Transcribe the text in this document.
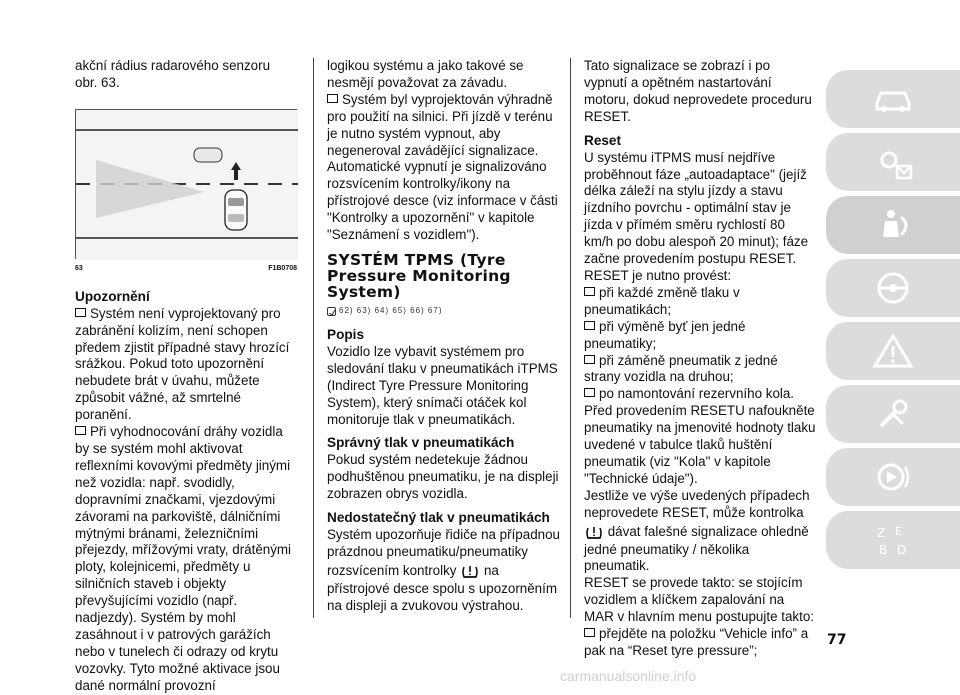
akční rádius radarového senzoru

obr. 63.

63	F1B0708
Upozornění

Systém není vyprojektovaný pro zabránění kolizím, není schopen předem zjistit případné stavy hrozící srážkou. Pokud toto upozornění nebudete brát v úvahu, můžete způsobit vážné, až smrtelné poranění.

Při vyhodnocování dráhy vozidla by se systém mohl aktivovat reflexními kovovými předměty jinými než vozidla: např. svodidly, dopravními značkami, vjezdovými závorami na parkoviště, dálničními mýtnými bránami, železničními přejezdy, mřížovými vraty, drátěnými ploty, kolejnicemi, předměty u silničních staveb i objekty převyšujícími vozidlo (např. nadjezdy). Systém by mohl zasáhnout i v patrových garážích nebo v tunelech či odrazy od krytu vozovky. Tyto možné aktivace jsou dané normální provozní

logikou systému a jako takové se nesmějí považovat za závadu.

Systém byl vyprojektován výhradně pro použití na silnici. Při jízdě v terénu je nutno systém vypnout, aby negeneroval zavádějící signalizace. Automatické vypnutí je signalizováno rozsvícením kontrolky/ikony na přístrojové desce (viz informace v části "Kontrolky a upozornění" v kapitole "Seznámení s vozidlem").

SYSTÉM TPMS (Tyre Pressure Monitoring System)
62) 63) 64) 65) 66) 67)
Popis

Vozidlo lze vybavit systémem pro sledování tlaku v pneumatikách iTPMS (Indirect Tyre Pressure Monitoring System), který snímači otáček kol monitoruje tlak v pneumatikách.

Správný tlak v pneumatikách

Pokud systém nedetekuje žádnou podhuštěnou pneumatiku, je na displeji zobrazen obrys vozidla.

Nedostatečný tlak v pneumatikách

Systém upozorňuje řidiče na případnou prázdnou pneumatiku/pneumatiky rozsvícením kontrolky na přístrojové desce spolu s upozorněním na displeji a zvukovou výstrahou.

Tato signalizace se zobrazí i po vypnutí a opětném nastartování motoru, dokud neprovedete proceduru RESET.

Reset

U systému iTPMS musí nejdříve proběhnout fáze „autoadaptace" (jejíž délka záleží na stylu jízdy a stavu jízdního povrchu - optimální stav je jízda v přímém směru rychlostí 80 km/h po dobu alespoň 20 minut); fáze začne provedením postupu RESET.

RESET je nutno provést:

při každé změně tlaku v pneumatikách;

při výměně byť jen jedné pneumatiky;

při záměně pneumatik z jedné strany vozidla na druhou;

po namontování rezervního kola.

Před provedením RESETU nafoukněte pneumatiky na jmenovité hodnoty tlaku uvedené v tabulce tlaků huštění pneumatik (viz "Kola" v kapitole "Technické údaje").

Jestliže ve výše uvedených případech neprovedete RESET, může kontrolka  dávat falešné signalizace ohledně jedné pneumatiky / několika pneumatik.

RESET se provede takto: se stojícím vozidlem a klíčkem zapalování na MAR v hlavním menu postupujte takto:

přejděte na položku “Vehicle info” a pak na “Reset tyre pressure”;

Z E
B D
77
carmanualsonline.info
